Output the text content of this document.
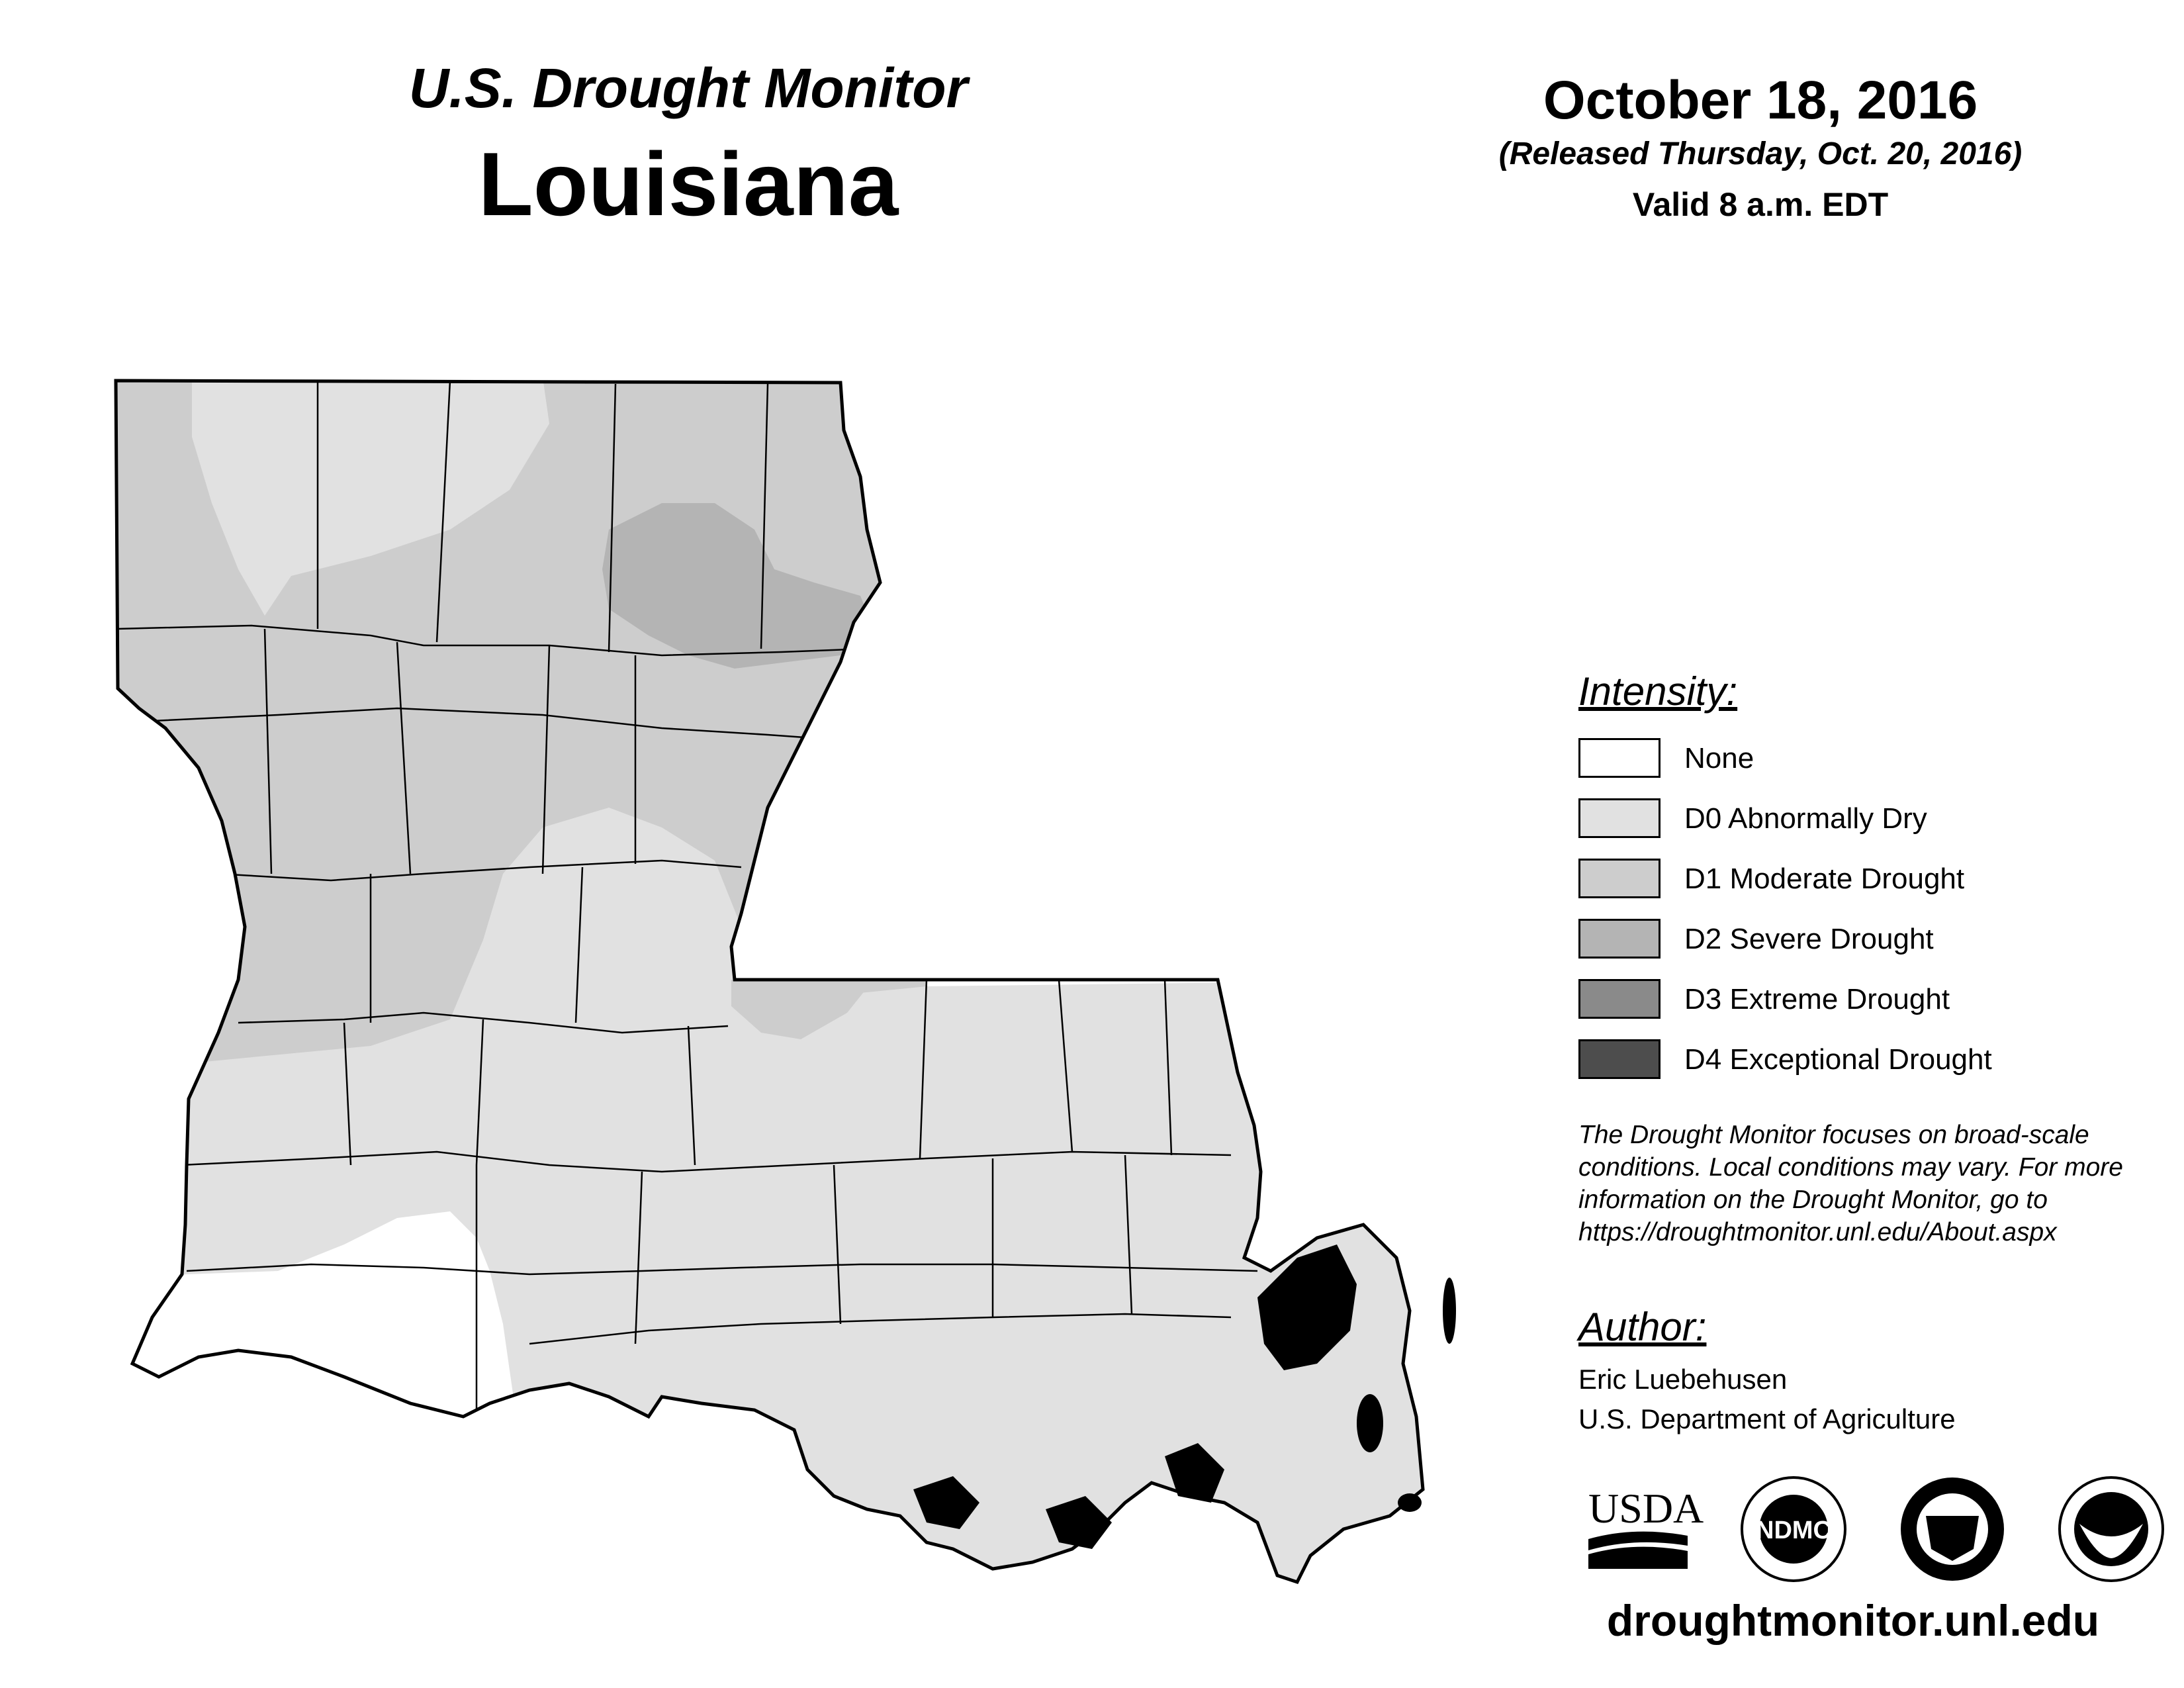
U.S. Drought Monitor
Louisiana
October 18, 2016
(Released Thursday, Oct. 20, 2016)
Valid 8 a.m. EDT
Intensity:
None
D0 Abnormally Dry
D1 Moderate Drought
D2 Severe Drought
D3 Extreme Drought
D4 Exceptional Drought
The Drought Monitor focuses on broad-scale
conditions. Local conditions may vary. For more
information on the Drought Monitor, go to
https://droughtmonitor.unl.edu/About.aspx
Author:
Eric Luebehusen
U.S. Department of Agriculture
USDA NDMC
droughtmonitor.unl.edu
